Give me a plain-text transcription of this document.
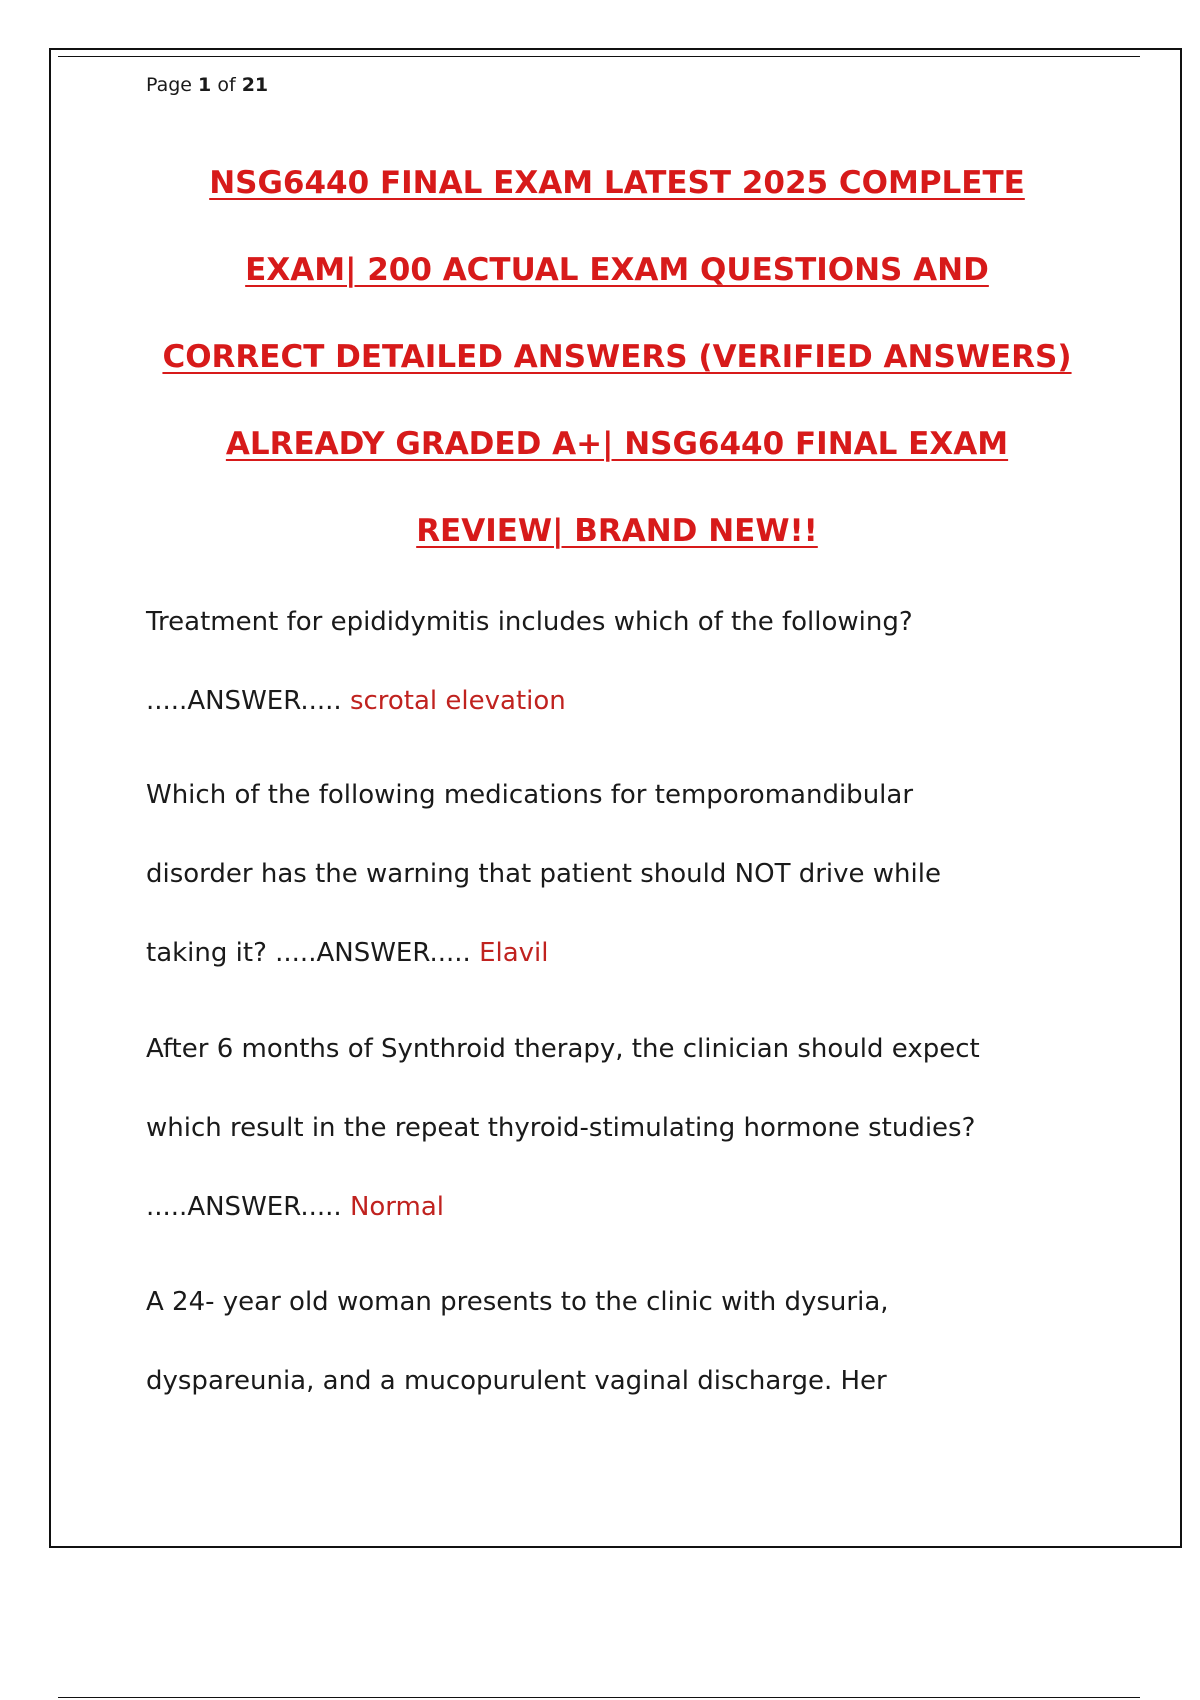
Page 1 of 21
NSG6440 FINAL EXAM LATEST 2025 COMPLETE
EXAM| 200 ACTUAL EXAM QUESTIONS AND
CORRECT DETAILED ANSWERS (VERIFIED ANSWERS)
ALREADY GRADED A+| NSG6440 FINAL EXAM
REVIEW| BRAND NEW!!
Treatment for epididymitis includes which of the following?
.....ANSWER..... scrotal elevation
Which of the following medications for temporomandibular
disorder has the warning that patient should NOT drive while
taking it? .....ANSWER..... Elavil
After 6 months of Synthroid therapy, the clinician should expect
which result in the repeat thyroid-stimulating hormone studies?
.....ANSWER..... Normal
A 24- year old woman presents to the clinic with dysuria,
dyspareunia, and a mucopurulent vaginal discharge. Her
